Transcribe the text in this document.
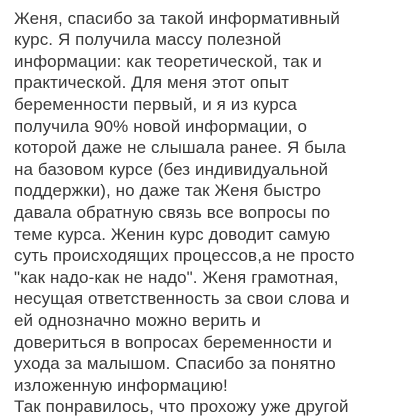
Женя, спасибо за такой информативный
курс. Я получила массу полезной
информации: как теоретической, так и
практической. Для меня этот опыт
беременности первый, и я из курса
получила 90% новой информации, о
которой даже не слышала ранее. Я была
на базовом курсе (без индивидуальной
поддержки), но даже так Женя быстро
давала обратную связь все вопросы по
теме курса. Женин курс доводит самую
суть происходящих процессов,а не просто
"как надо-как не надо". Женя грамотная,
несущая ответственность за свои слова и
ей однозначно можно верить и
довериться в вопросах беременности и
ухода за малышом. Спасибо за понятно
изложенную информацию!
Так понравилось, что прохожу уже другой
